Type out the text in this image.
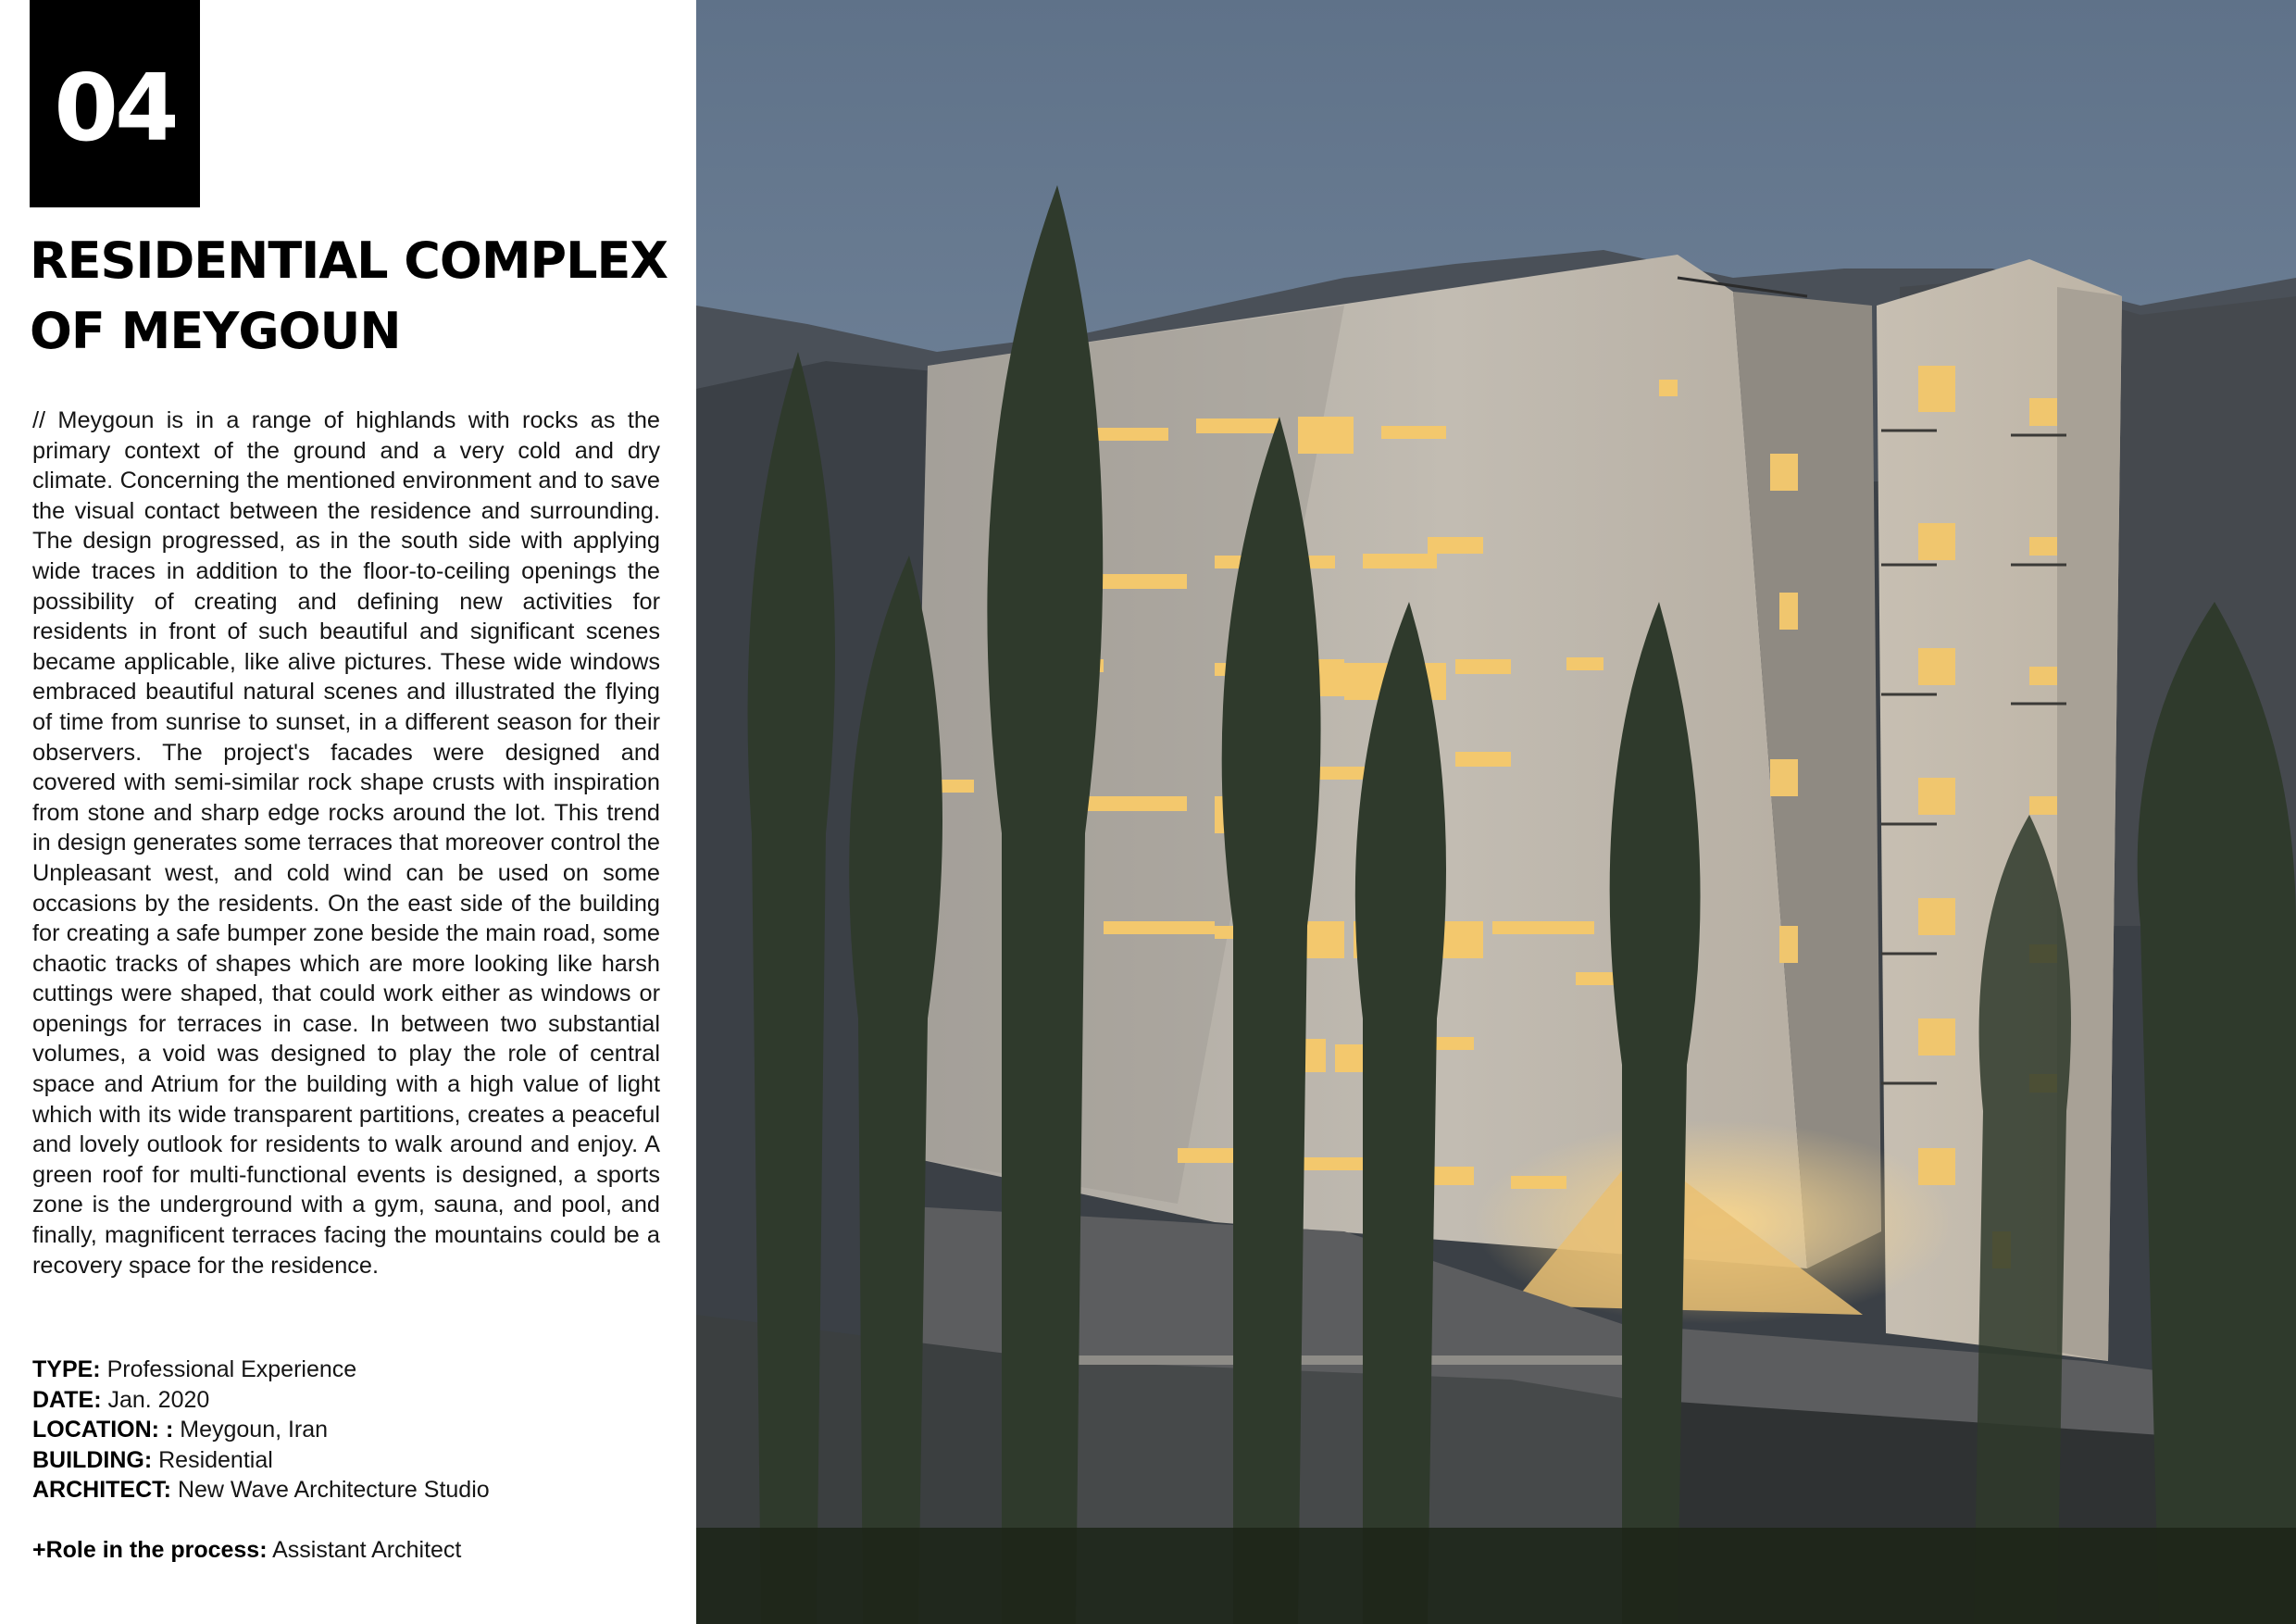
04
RESIDENTIAL COMPLEX
OF MEYGOUN

// Meygoun is in a range of highlands with rocks as the primary context of the ground and a very cold and dry climate. Concerning the mentioned environment and to save the visual contact between the residence and surrounding. The design progressed, as in the south side with applying wide traces in addition to the floor-to-ceiling openings the possibility of creating and defining new activities for residents in front of such beautiful and significant scenes became applicable, like alive pictures. These wide windows embraced beautiful natural scenes and illustrated the flying of time from sunrise to sunset, in a different season for their observers. The project's facades were designed and covered with semi-similar rock shape crusts with inspiration from stone and sharp edge rocks around the lot. This trend in design generates some terraces that moreover control the Unpleasant west, and cold wind can be used on some occasions by the residents. On the east side of the building for creating a safe bumper zone beside the main road, some chaotic tracks of shapes which are more looking like harsh cuttings were shaped, that could work either as windows or openings for terraces in case. In between two substantial volumes, a void was designed to play the role of central space and Atrium for the building with a high value of light which with its wide transparent partitions, creates a peaceful and lovely outlook for residents to walk around and enjoy. A green roof for multi-functional events is designed, a sports zone is the underground with a gym, sauna, and pool, and finally, magnificent terraces facing the mountains could be a recovery space for the residence.

TYPE: Professional Experience
DATE: Jan. 2020
LOCATION: : Meygoun, Iran
BUILDING: Residential
ARCHITECT: New Wave Architecture Studio
+Role in the process: Assistant Architect
